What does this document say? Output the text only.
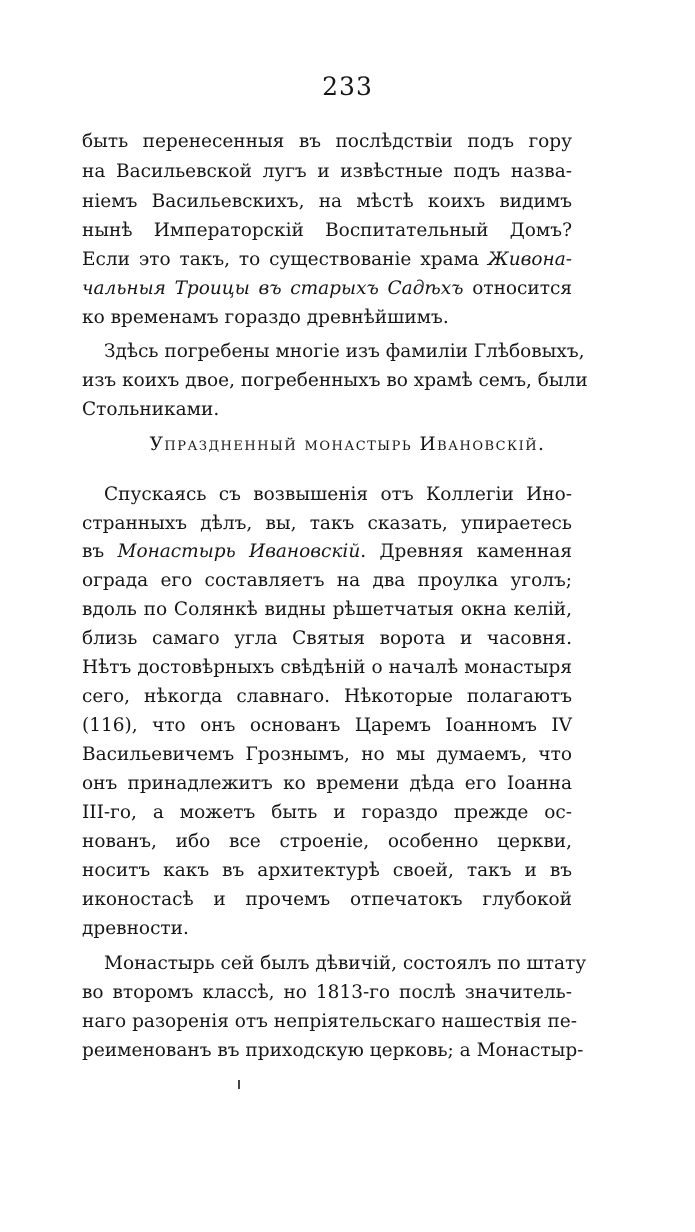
233
быть перенесенныя въ послѣдствіи подъ гору
на Васильевской лугъ и извѣстные подъ назва-
ніемъ Васильевскихъ, на мѣстѣ коихъ видимъ
нынѣ Императорскій Воспитательный Домъ?
Если это такъ, то существованіе храма Живона-
чальныя Троицы въ старыхъ Садѣхъ относится
ко временамъ гораздо древнѣйшимъ.
Здѣсь погребены многіе изъ фамиліи Глѣбовыхъ,
изъ коихъ двое, погребенныхъ во храмѣ семъ, были
Стольниками.
Упраздненный монастырь Ивановскій.
Спускаясь съ возвышенія отъ Коллегіи Ино-
странныхъ дѣлъ, вы, такъ сказать, упираетесь
въ Монастырь Ивановскій. Древняя каменная
ограда его составляетъ на два проулка уголъ;
вдоль по Солянкѣ видны рѣшетчатыя окна келій,
близь самаго угла Святыя ворота и часовня.
Нѣтъ достовѣрныхъ свѣдѣній о началѣ монастыря
сего, нѣкогда славнаго. Нѣкоторые полагаютъ
(116), что онъ основанъ Царемъ Іоанномъ IV
Васильевичемъ Грознымъ, но мы думаемъ, что
онъ принадлежитъ ко времени дѣда его Іоанна
III-го, а можетъ быть и гораздо прежде ос-
нованъ, ибо все строеніе, особенно церкви,
носитъ какъ въ архитектурѣ своей, такъ и въ
иконостасѣ и прочемъ отпечатокъ глубокой
древности.
Монастырь сей былъ дѣвичій, состоялъ по штату
во второмъ классѣ, но 1813-го послѣ значитель-
наго разоренія отъ непріятельскаго нашествія пе-
реименованъ въ приходскую церковь; а Монастыр-
